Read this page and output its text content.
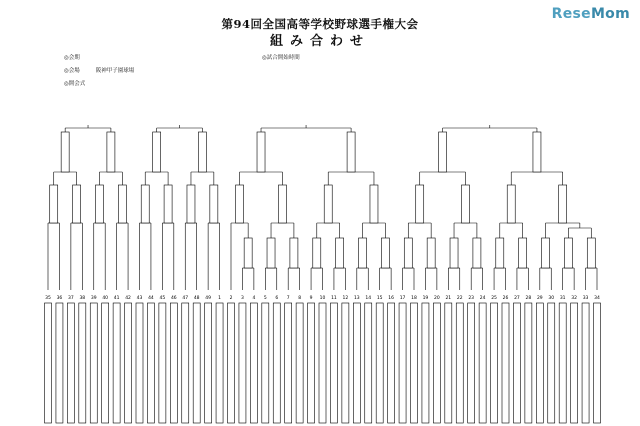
ReseMom
第94回全国高等学校野球選手権大会
組み合わせ
◎会期
◎会場	阪神甲子園球場
◎開会式
◎試合開始時間
35 36 37 38 39 40 41 42 43 44 45 46 47 48 49 1 2 3 4 5 6 7 8 9 10 11 12 13 14 15 16 17 18 19 20 21 22 23 24 25 26 27 28 29 30 31 32 33 34
